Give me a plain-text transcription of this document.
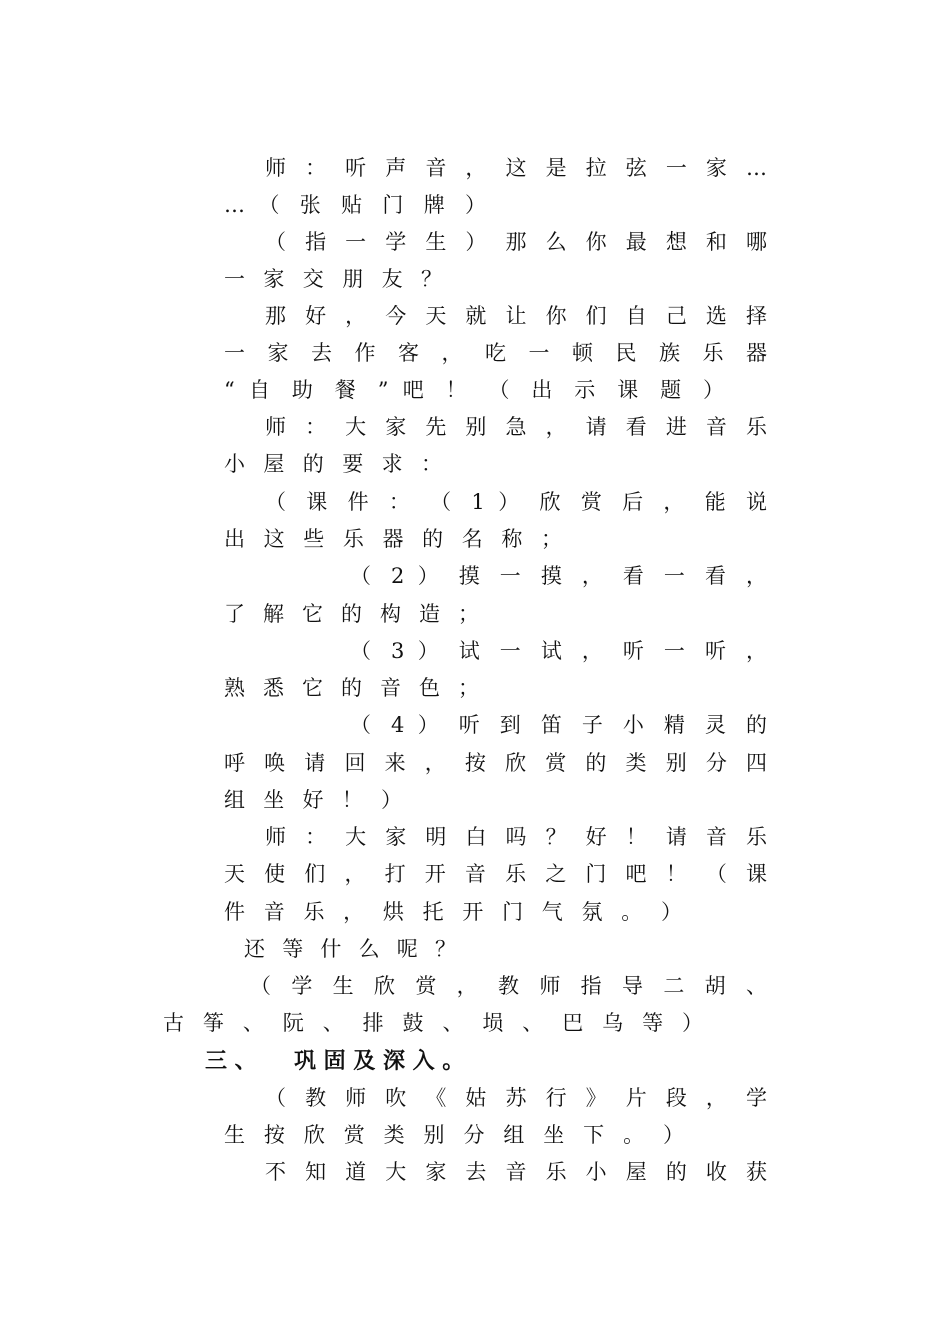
师 ： 听 声 音 ， 这 是 拉 弦 一 家 …
… （ 张 贴 门 牌 ）
（ 指 一 学 生 ） 那 么 你 最 想 和 哪
一 家 交 朋 友 ？
那 好 ， 今 天 就 让 你 们 自 己 选 择
一 家 去 作 客 ， 吃 一 顿 民 族 乐 器
“ 自 助 餐 ” 吧 ！ （ 出 示 课 题 ）
师 ： 大 家 先 别 急 ， 请 看 进 音 乐
小 屋 的 要 求 ：
（ 课 件 ： （ 1 ） 欣 赏 后 ， 能 说
出 这 些 乐 器 的 名 称 ；
（ 2 ） 摸 一 摸 ， 看 一 看 ，
了 解 它 的 构 造 ；
（ 3 ） 试 一 试 ， 听 一 听 ，
熟 悉 它 的 音 色 ；
（ 4 ） 听 到 笛 子 小 精 灵 的
呼 唤 请 回 来 ， 按 欣 赏 的 类 别 分 四
组 坐 好 ！ ）
师 ： 大 家 明 白 吗 ？ 好 ！ 请 音 乐
天 使 们 ， 打 开 音 乐 之 门 吧 ！ （ 课
件 音 乐 ， 烘 托 开 门 气 氛 。 ）
还 等 什 么 呢 ？
（ 学 生 欣 赏 ， 教 师 指 导 二 胡 、
古 筝 、 阮 、 排 鼓 、 埙 、 巴 乌 等 ）
三 、 　 巩 固 及 深 入 。
（ 教 师 吹 《 姑 苏 行 》 片 段 ， 学
生 按 欣 赏 类 别 分 组 坐 下 。 ）
不 知 道 大 家 去 音 乐 小 屋 的 收 获
